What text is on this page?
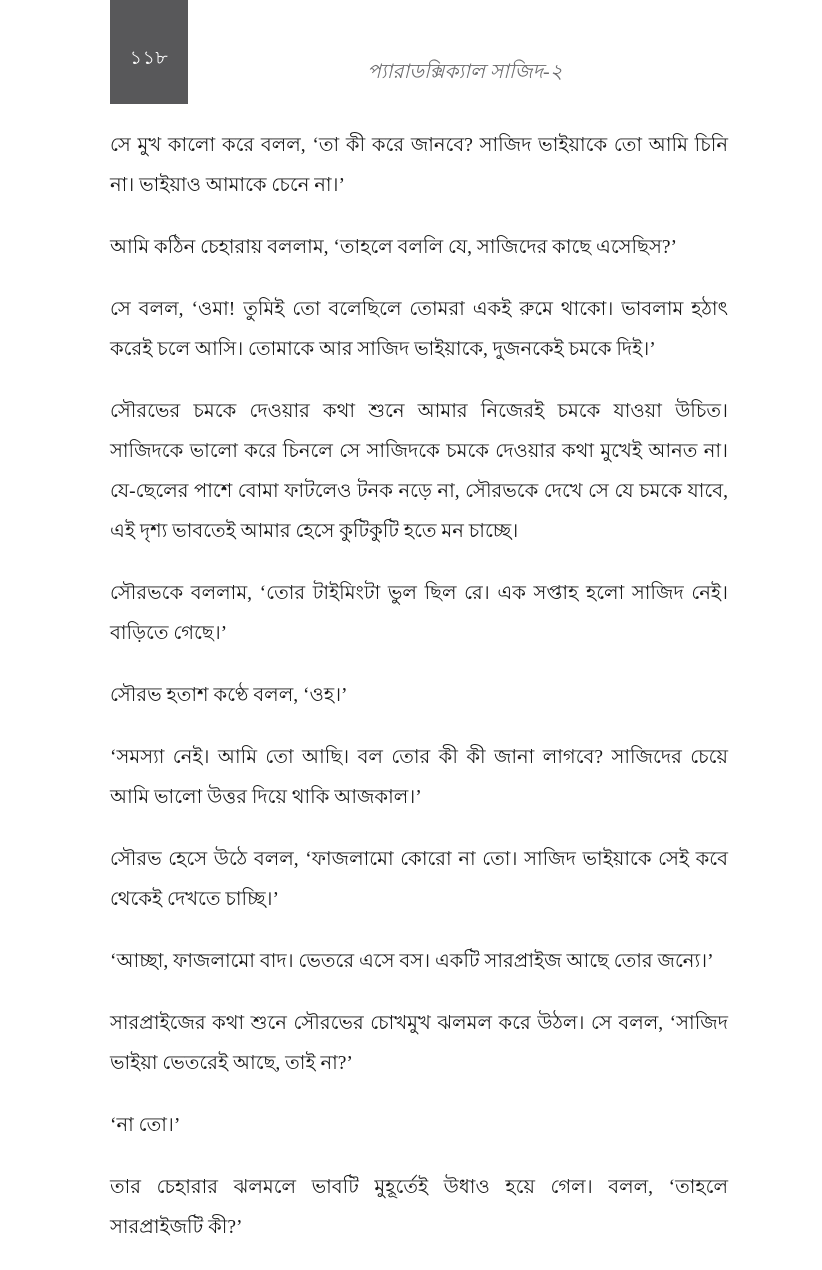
১১৮
প্যারাডক্সিক্যাল সাজিদ-২

সে মুখ কালো করে বলল, ‘তা কী করে জানবে? সাজিদ ভাইয়াকে তো আমি চিনি না। ভাইয়াও আমাকে চেনে না।’

আমি কঠিন চেহারায় বললাম, ‘তাহলে বললি যে, সাজিদের কাছে এসেছিস?’

সে বলল, ‘ওমা! তুমিই তো বলেছিলে তোমরা একই রুমে থাকো। ভাবলাম হঠাৎ করেই চলে আসি। তোমাকে আর সাজিদ ভাইয়াকে, দুজনকেই চমকে দিই।’

সৌরভের চমকে দেওয়ার কথা শুনে আমার নিজেরই চমকে যাওয়া উচিত। সাজিদকে ভালো করে চিনলে সে সাজিদকে চমকে দেওয়ার কথা মুখেই আনত না। যে-ছেলের পাশে বোমা ফাটলেও টনক নড়ে না, সৌরভকে দেখে সে যে চমকে যাবে, এই দৃশ্য ভাবতেই আমার হেসে কুটিকুটি হতে মন চাচ্ছে।

সৌরভকে বললাম, ‘তোর টাইমিংটা ভুল ছিল রে। এক সপ্তাহ হলো সাজিদ নেই। বাড়িতে গেছে।’

সৌরভ হতাশ কণ্ঠে বলল, ‘ওহ।’

‘সমস্যা নেই। আমি তো আছি। বল তোর কী কী জানা লাগবে? সাজিদের চেয়ে আমি ভালো উত্তর দিয়ে থাকি আজকাল।’

সৌরভ হেসে উঠে বলল, ‘ফাজলামো কোরো না তো। সাজিদ ভাইয়াকে সেই কবে থেকেই দেখতে চাচ্ছি।’

‘আচ্ছা, ফাজলামো বাদ। ভেতরে এসে বস। একটি সারপ্রাইজ আছে তোর জন্যে।’

সারপ্রাইজের কথা শুনে সৌরভের চোখমুখ ঝলমল করে উঠল। সে বলল, ‘সাজিদ ভাইয়া ভেতরেই আছে, তাই না?’

‘না তো।’

তার চেহারার ঝলমলে ভাবটি মুহূর্তেই উধাও হয়ে গেল। বলল, ‘তাহলে সারপ্রাইজটি কী?’
